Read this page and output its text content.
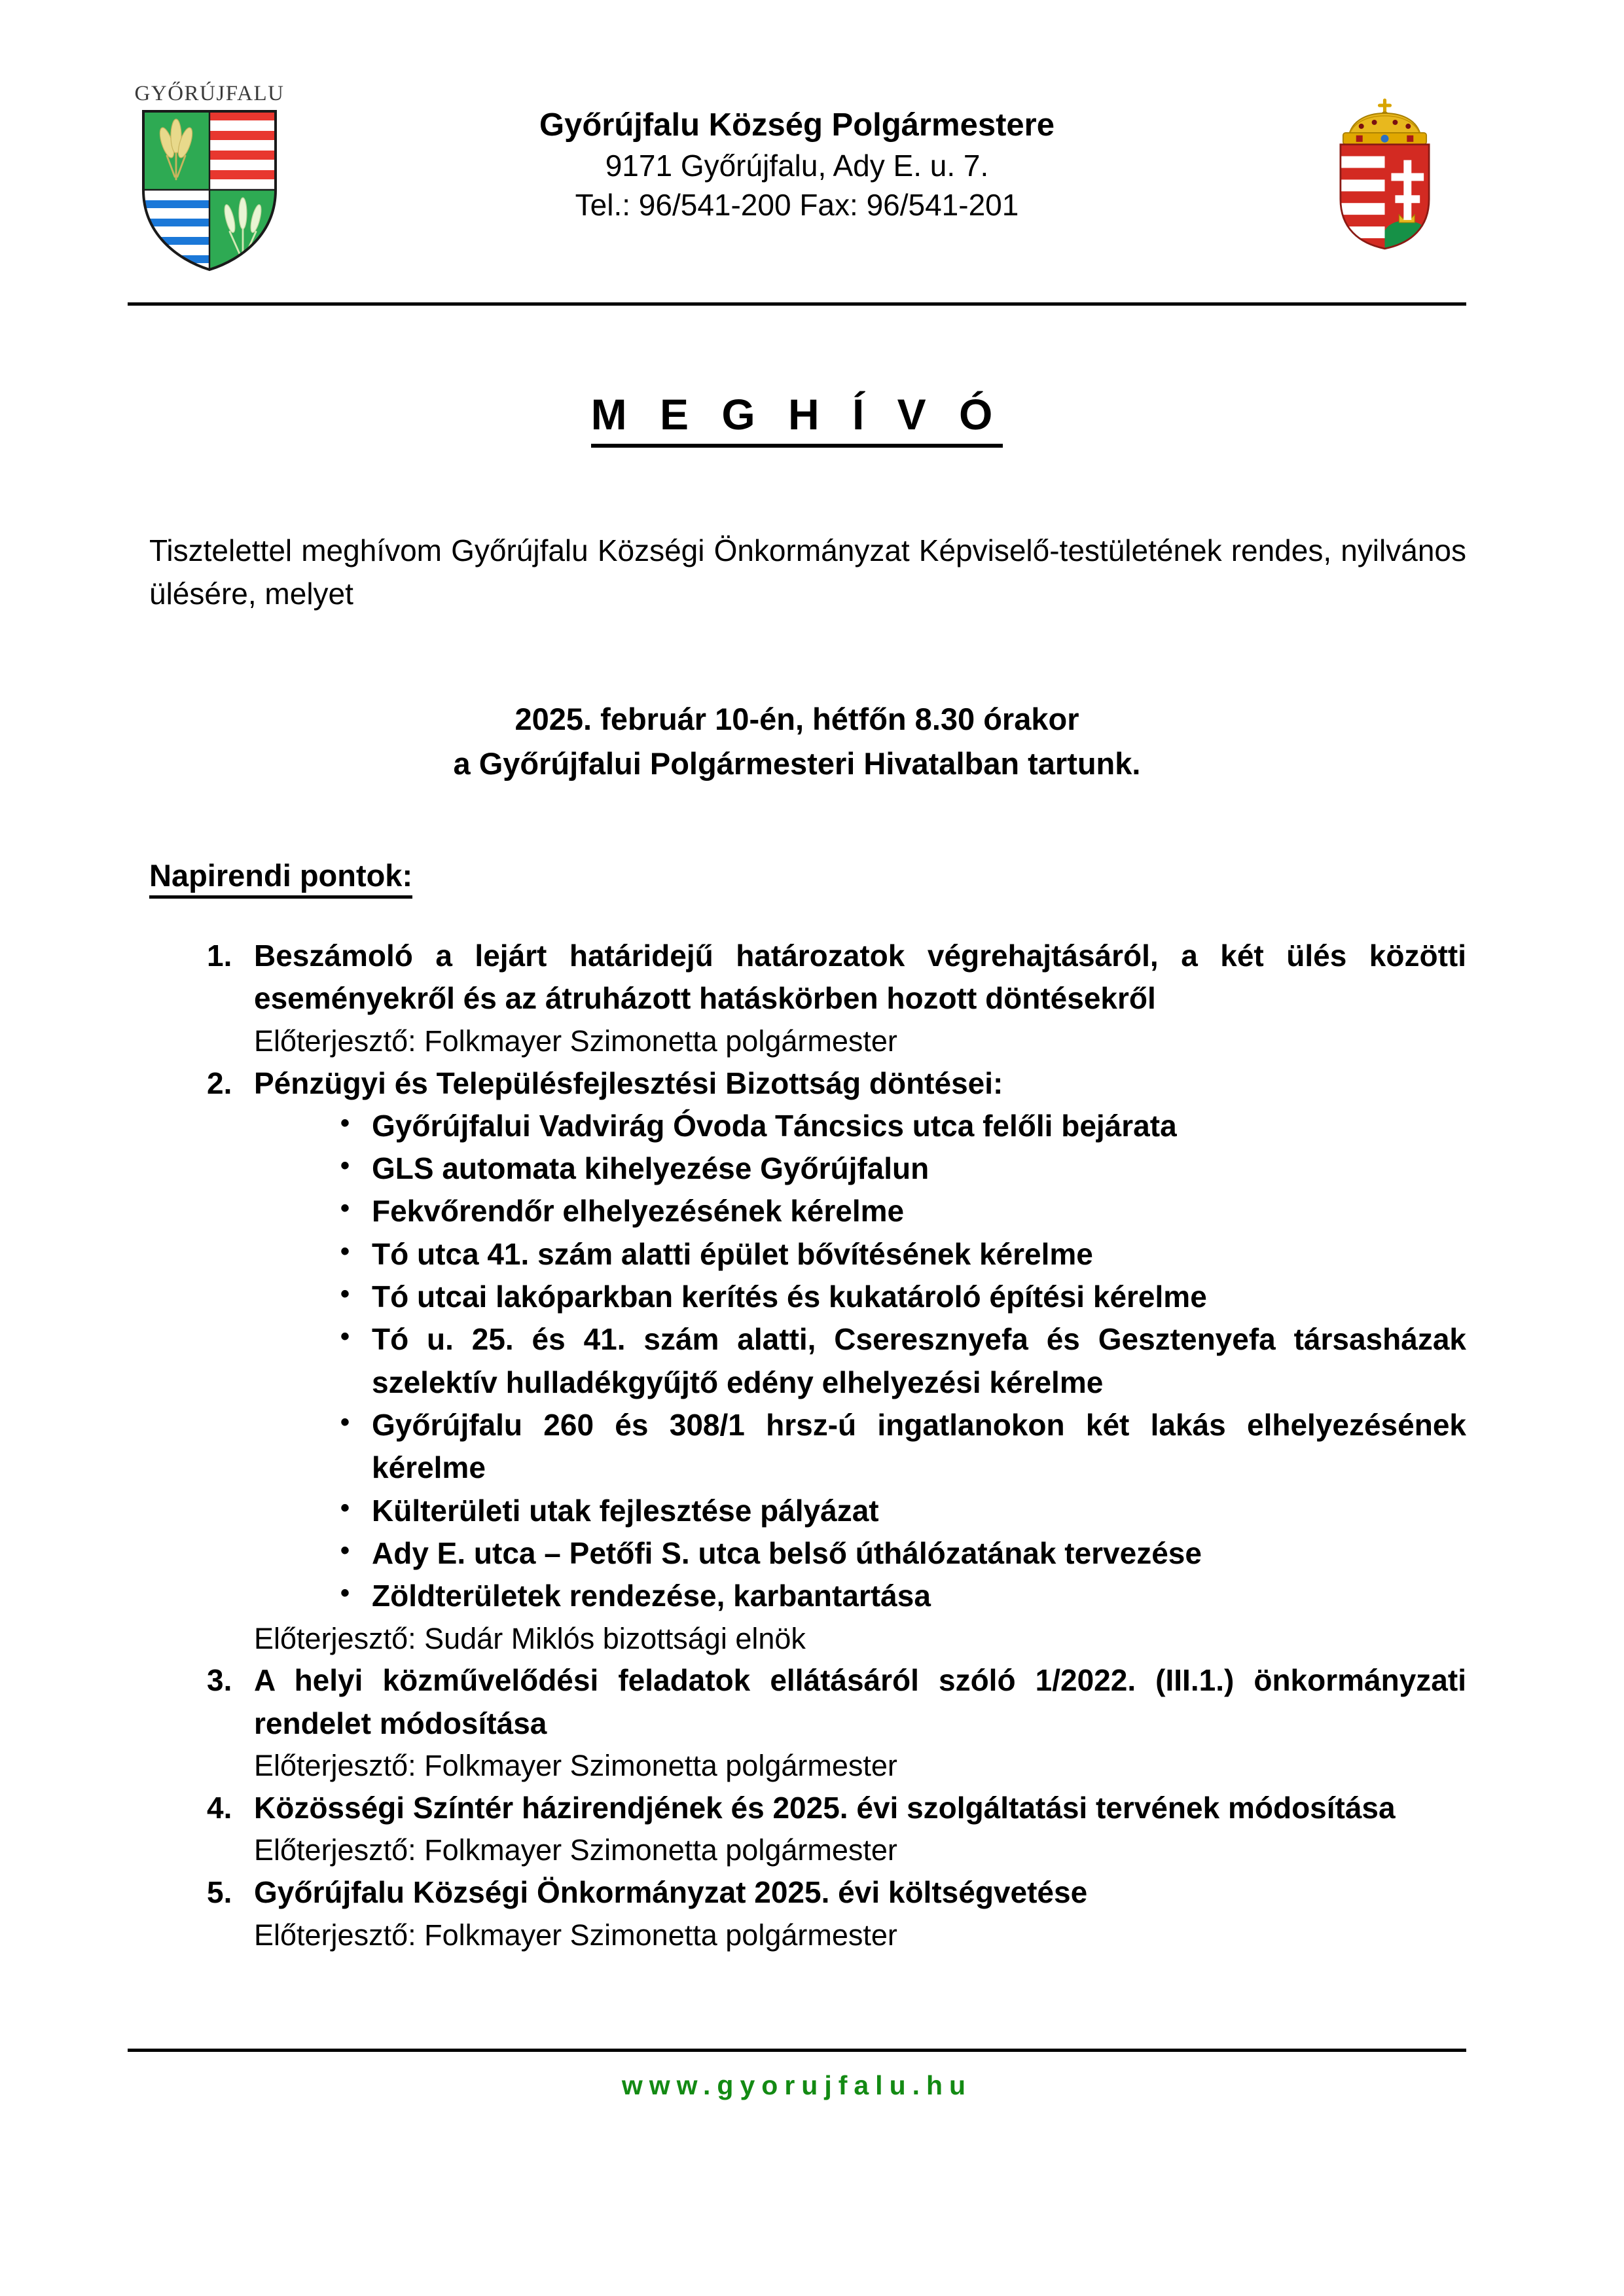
GYŐRÚJFALU
Győrújfalu Község Polgármestere
9171 Győrújfalu, Ady E. u. 7.
Tel.: 96/541-200 Fax: 96/541-201
M E G H Í V Ó
Tisztelettel meghívom Győrújfalu Községi Önkormányzat Képviselő-testületének rendes, nyilvános ülésére, melyet
2025. február 10-én, hétfőn 8.30 órakor
a Győrújfalui Polgármesteri Hivatalban tartunk.
Napirendi pontok:
1. Beszámoló a lejárt határidejű határozatok végrehajtásáról, a két ülés közötti eseményekről és az átruházott hatáskörben hozott döntésekről
Előterjesztő: Folkmayer Szimonetta polgármester
2. Pénzügyi és Településfejlesztési Bizottság döntései:
• Győrújfalui Vadvirág Óvoda Táncsics utca felőli bejárata
• GLS automata kihelyezése Győrújfalun
• Fekvőrendőr elhelyezésének kérelme
• Tó utca 41. szám alatti épület bővítésének kérelme
• Tó utcai lakóparkban kerítés és kukatároló építési kérelme
• Tó u. 25. és 41. szám alatti, Cseresznyefa és Gesztenyefa társasházak szelektív hulladékgyűjtő edény elhelyezési kérelme
• Győrújfalu 260 és 308/1 hrsz-ú ingatlanokon két lakás elhelyezésének kérelme
• Külterületi utak fejlesztése pályázat
• Ady E. utca – Petőfi S. utca belső úthálózatának tervezése
• Zöldterületek rendezése, karbantartása
Előterjesztő: Sudár Miklós bizottsági elnök
3. A helyi közművelődési feladatok ellátásáról szóló 1/2022. (III.1.) önkormányzati rendelet módosítása
Előterjesztő: Folkmayer Szimonetta polgármester
4. Közösségi Színtér házirendjének és 2025. évi szolgáltatási tervének módosítása
Előterjesztő: Folkmayer Szimonetta polgármester
5. Győrújfalu Községi Önkormányzat 2025. évi költségvetése
Előterjesztő: Folkmayer Szimonetta polgármester
www.gyorujfalu.hu
